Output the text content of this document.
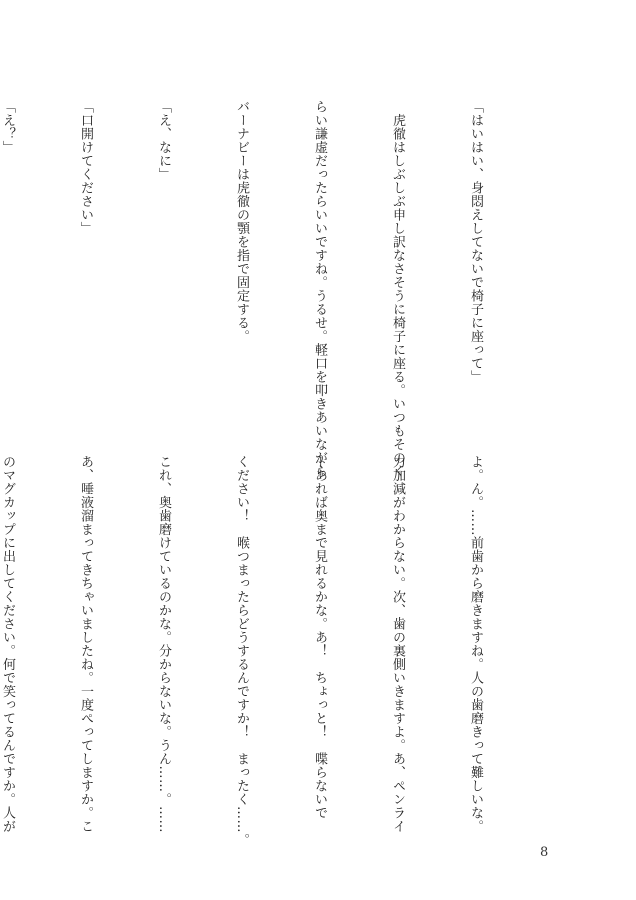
「はいはい、身悶えしてないで椅子に座って」

　虎徹はしぶしぶ申し訳なさそうに椅子に座る。いつもそのく

らい謙虚だったらいいですね。うるせ。軽口を叩きあいながら

バーナビーは虎徹の顎を指で固定する。

「え、なに」

「口開けてください」

「え？」

よ。ん。……前歯から磨きますね。人の歯磨きって難しいな。

力加減がわからない。次、歯の裏側いきますよ。あ、ペンライ

トあれば奥まで見れるかな。あ！　ちょっと！　喋らないで

ください！　喉つまったらどうするんですか！　まったく……。

これ、奥歯磨けているのかな。分からないな。うん……。……

あ、唾液溜まってきちゃいましたね。一度ぺってしますか。こ

のマグカップに出してください。何で笑ってるんですか。人が

8
